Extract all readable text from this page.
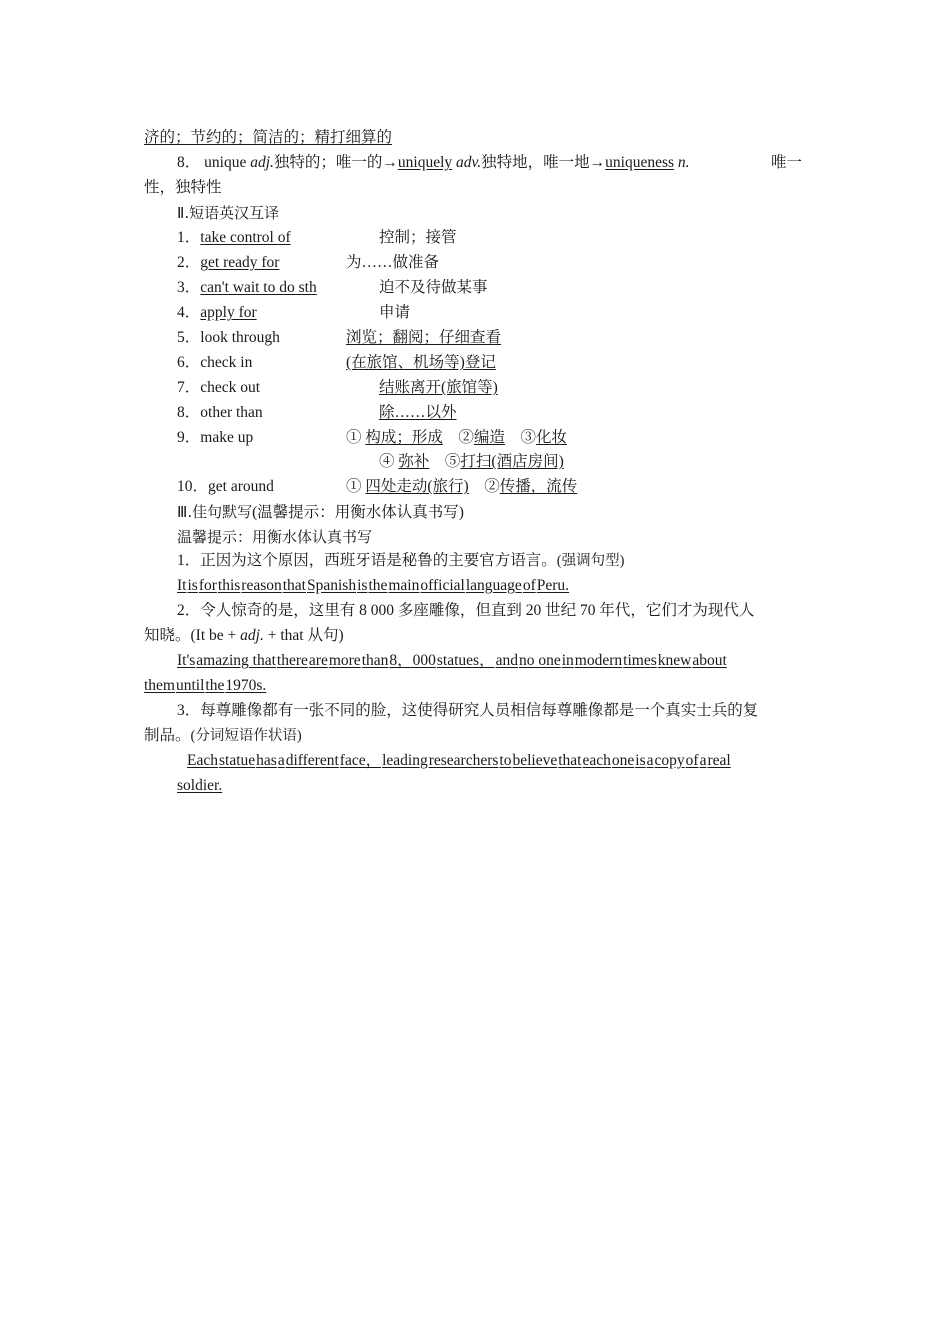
济的；节约的；简洁的；精打细算的
8． unique adj.独特的；唯一的→uniquely adv.独特地，唯一地→uniqueness n.	唯一
性，独特性
Ⅱ.短语英汉互译
1．take control of	控制；接管
2．get ready for	为……做准备
3．can't wait to do sth	迫不及待做某事
4．apply for	申请
5．look through	浏览；翻阅；仔细查看
6．check in	(在旅馆、机场等)登记
7．check out	结账离开(旅馆等)
8．other than	除……以外
9．make up	① 构成；形成 ②编造 ③化妆
④ 弥补 ⑤打扫(酒店房间)
10．get around	① 四处走动(旅行) ②传播，流传
Ⅲ.佳句默写(温馨提示：用衡水体认真书写)
温馨提示：用衡水体认真书写
1．正因为这个原因，西班牙语是秘鲁的主要官方语言。(强调句型)
ItisforthisreasonthatSpanishisthemainofficiallanguageofPeru.
2．令人惊奇的是，这里有 8 000 多座雕像，但直到 20 世纪 70 年代，它们才为现代人
知晓。(It be + adj. + that 从句)
It'samazing thattherearemorethan8，000statues，andno oneinmoderntimesknewabout
themuntilthe1970s.
3．每尊雕像都有一张不同的脸，这使得研究人员相信每尊雕像都是一个真实士兵的复
制品。(分词短语作状语)
Eachstatuehasadifferentface，leadingresearcherstobelievethateachoneisacopyofareal
soldier.
